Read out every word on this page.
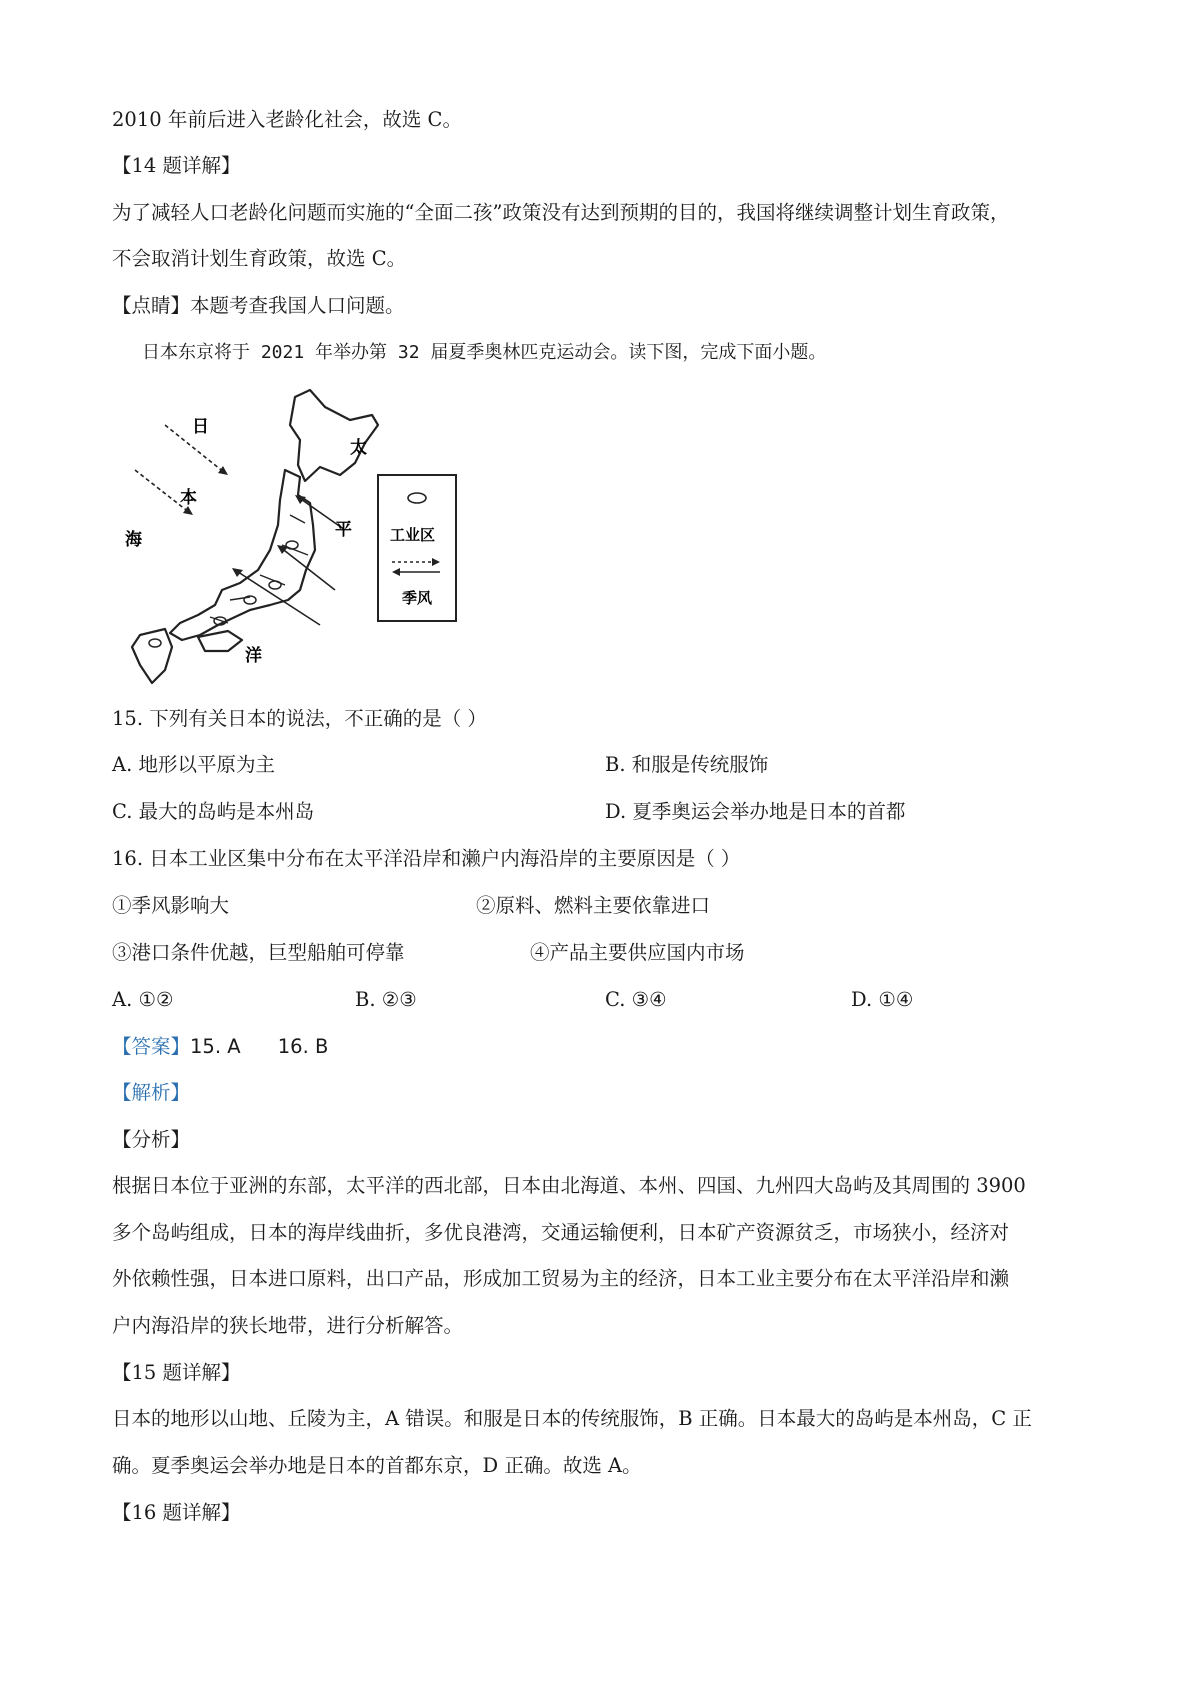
2010 年前后进入老龄化社会，故选 C。
【14 题详解】
为了减轻人口老龄化问题而实施的“全面二孩”政策没有达到预期的目的，我国将继续调整计划生育政策，
不会取消计划生育政策，故选 C。
【点睛】本题考查我国人口问题。
日本东京将于 2021 年举办第 32 届夏季奥林匹克运动会。读下图，完成下面小题。
日
本
海
太
平
洋
工业区
季风
15. 下列有关日本的说法，不正确的是（ ）
A. 地形以平原为主	B. 和服是传统服饰
C. 最大的岛屿是本州岛	D. 夏季奥运会举办地是日本的首都
16. 日本工业区集中分布在太平洋沿岸和濑户内海沿岸的主要原因是（ ）
①季风影响大	②原料、燃料主要依靠进口
③港口条件优越，巨型船舶可停靠	④产品主要供应国内市场
A. ①②	B. ②③	C. ③④	D. ①④
【答案】15. A      16. B
【解析】
【分析】
根据日本位于亚洲的东部，太平洋的西北部，日本由北海道、本州、四国、九州四大岛屿及其周围的 3900
多个岛屿组成，日本的海岸线曲折，多优良港湾，交通运输便利，日本矿产资源贫乏，市场狭小，经济对
外依赖性强，日本进口原料，出口产品，形成加工贸易为主的经济，日本工业主要分布在太平洋沿岸和濑
户内海沿岸的狭长地带，进行分析解答。
【15 题详解】
日本的地形以山地、丘陵为主，A 错误。和服是日本的传统服饰，B 正确。日本最大的岛屿是本州岛，C 正
确。夏季奥运会举办地是日本的首都东京，D 正确。故选 A。
【16 题详解】
